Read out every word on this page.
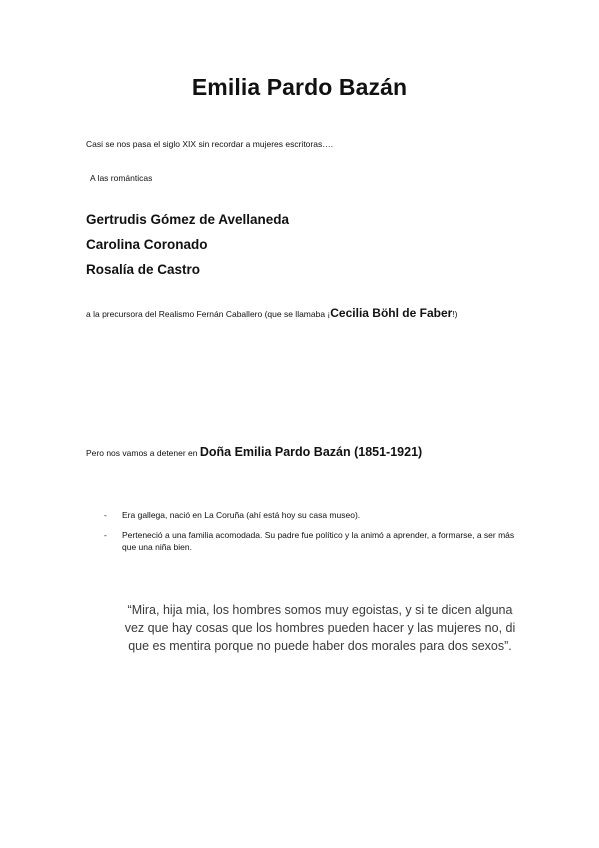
Emilia Pardo Bazán
Casi se nos pasa el siglo XIX sin recordar a mujeres escritoras….
A las románticas
Gertrudis Gómez de Avellaneda
Carolina Coronado
Rosalía de Castro
a la precursora del Realismo Fernán Caballero (que se llamaba ¡Cecilia Böhl de Faber!)
Pero nos vamos a detener en Doña Emilia Pardo Bazán (1851-1921)
- Era gallega, nació en La Coruña (ahí está hoy su casa museo).
- Perteneció a una familia acomodada. Su padre fue político y la animó a aprender, a formarse, a ser más que una niña bien.
“Mira, hija mia, los hombres somos muy egoistas, y si te dicen alguna vez que hay cosas que los hombres pueden hacer y las mujeres no, di que es mentira porque no puede haber dos morales para dos sexos”.
